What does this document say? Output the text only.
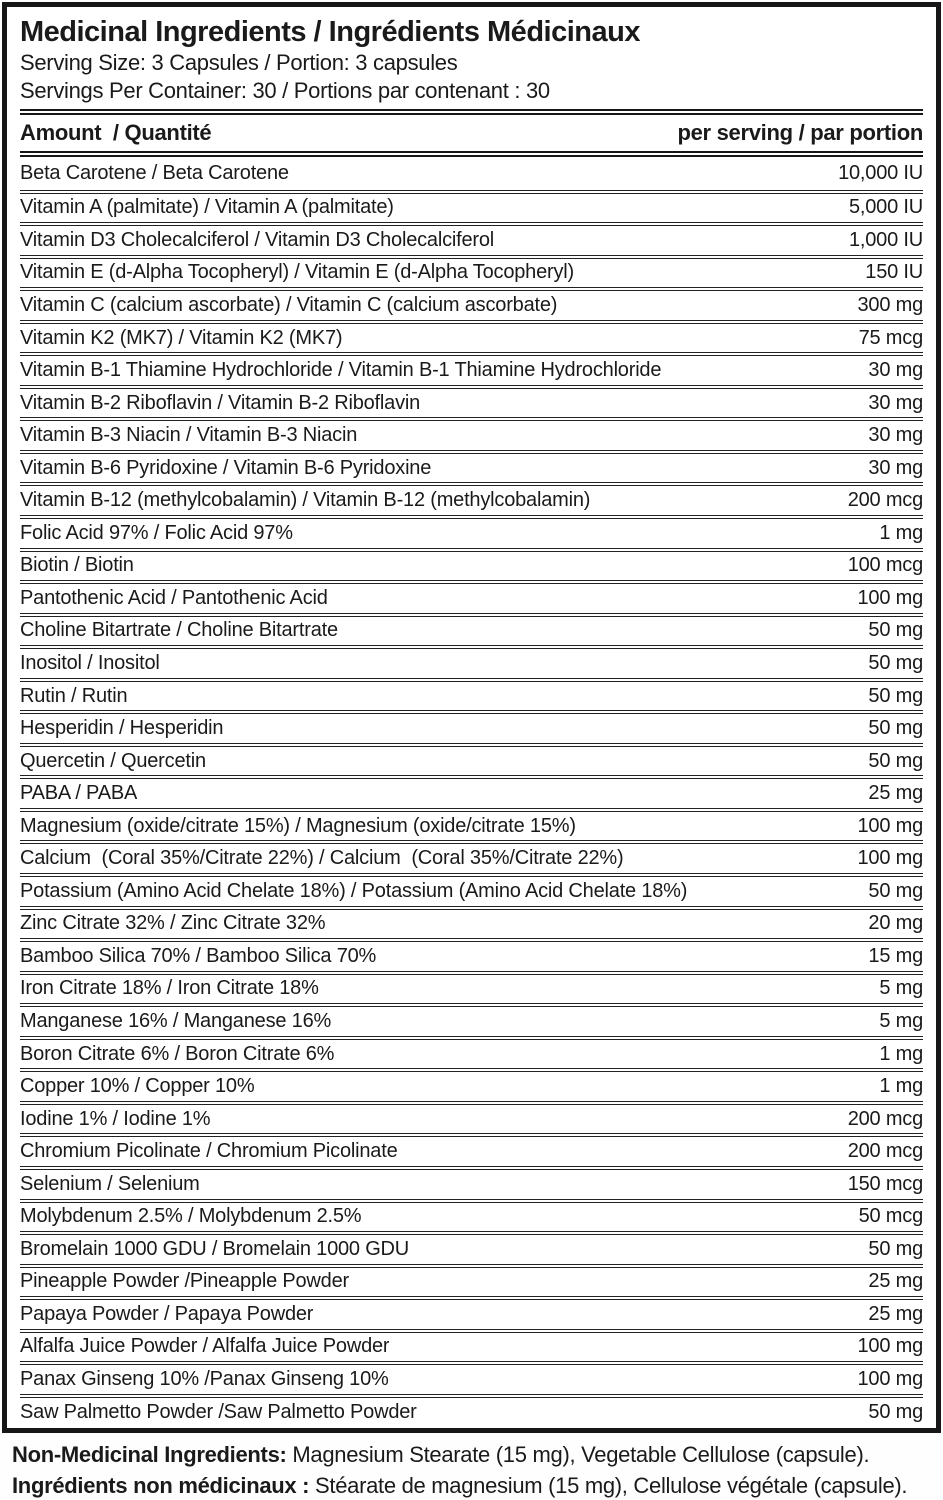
Medicinal Ingredients / Ingrédients Médicinaux
Serving Size: 3 Capsules / Portion: 3 capsules
Servings Per Container: 30 / Portions par contenant : 30
Amount  / Quantité	per serving / par portion
Beta Carotene / Beta Carotene	10,000 IU
Vitamin A (palmitate) / Vitamin A (palmitate)	5,000 IU
Vitamin D3 Cholecalciferol / Vitamin D3 Cholecalciferol	1,000 IU
Vitamin E (d-Alpha Tocopheryl) / Vitamin E (d-Alpha Tocopheryl)	150 IU
Vitamin C (calcium ascorbate) / Vitamin C (calcium ascorbate)	300 mg
Vitamin K2 (MK7) / Vitamin K2 (MK7)	75 mcg
Vitamin B-1 Thiamine Hydrochloride / Vitamin B-1 Thiamine Hydrochloride	30 mg
Vitamin B-2 Riboflavin / Vitamin B-2 Riboflavin	30 mg
Vitamin B-3 Niacin / Vitamin B-3 Niacin	30 mg
Vitamin B-6 Pyridoxine / Vitamin B-6 Pyridoxine	30 mg
Vitamin B-12 (methylcobalamin) / Vitamin B-12 (methylcobalamin)	200 mcg
Folic Acid 97% / Folic Acid 97%	1 mg
Biotin / Biotin	100 mcg
Pantothenic Acid / Pantothenic Acid	100 mg
Choline Bitartrate / Choline Bitartrate	50 mg
Inositol / Inositol	50 mg
Rutin / Rutin	50 mg
Hesperidin / Hesperidin	50 mg
Quercetin / Quercetin	50 mg
PABA / PABA	25 mg
Magnesium (oxide/citrate 15%) / Magnesium (oxide/citrate 15%)	100 mg
Calcium  (Coral 35%/Citrate 22%) / Calcium  (Coral 35%/Citrate 22%)	100 mg
Potassium (Amino Acid Chelate 18%) / Potassium (Amino Acid Chelate 18%)	50 mg
Zinc Citrate 32% / Zinc Citrate 32%	20 mg
Bamboo Silica 70% / Bamboo Silica 70%	15 mg
Iron Citrate 18% / Iron Citrate 18%	5 mg
Manganese 16% / Manganese 16%	5 mg
Boron Citrate 6% / Boron Citrate 6%	1 mg
Copper 10% / Copper 10%	1 mg
Iodine 1% / Iodine 1%	200 mcg
Chromium Picolinate / Chromium Picolinate	200 mcg
Selenium / Selenium	150 mcg
Molybdenum 2.5% / Molybdenum 2.5%	50 mcg
Bromelain 1000 GDU / Bromelain 1000 GDU	50 mg
Pineapple Powder /Pineapple Powder	25 mg
Papaya Powder / Papaya Powder	25 mg
Alfalfa Juice Powder / Alfalfa Juice Powder	100 mg
Panax Ginseng 10% /Panax Ginseng 10%	100 mg
Saw Palmetto Powder /Saw Palmetto Powder	50 mg

Non-Medicinal Ingredients: Magnesium Stearate (15 mg), Vegetable Cellulose (capsule).

Ingrédients non médicinaux : Stéarate de magnesium (15 mg), Cellulose végétale (capsule).
